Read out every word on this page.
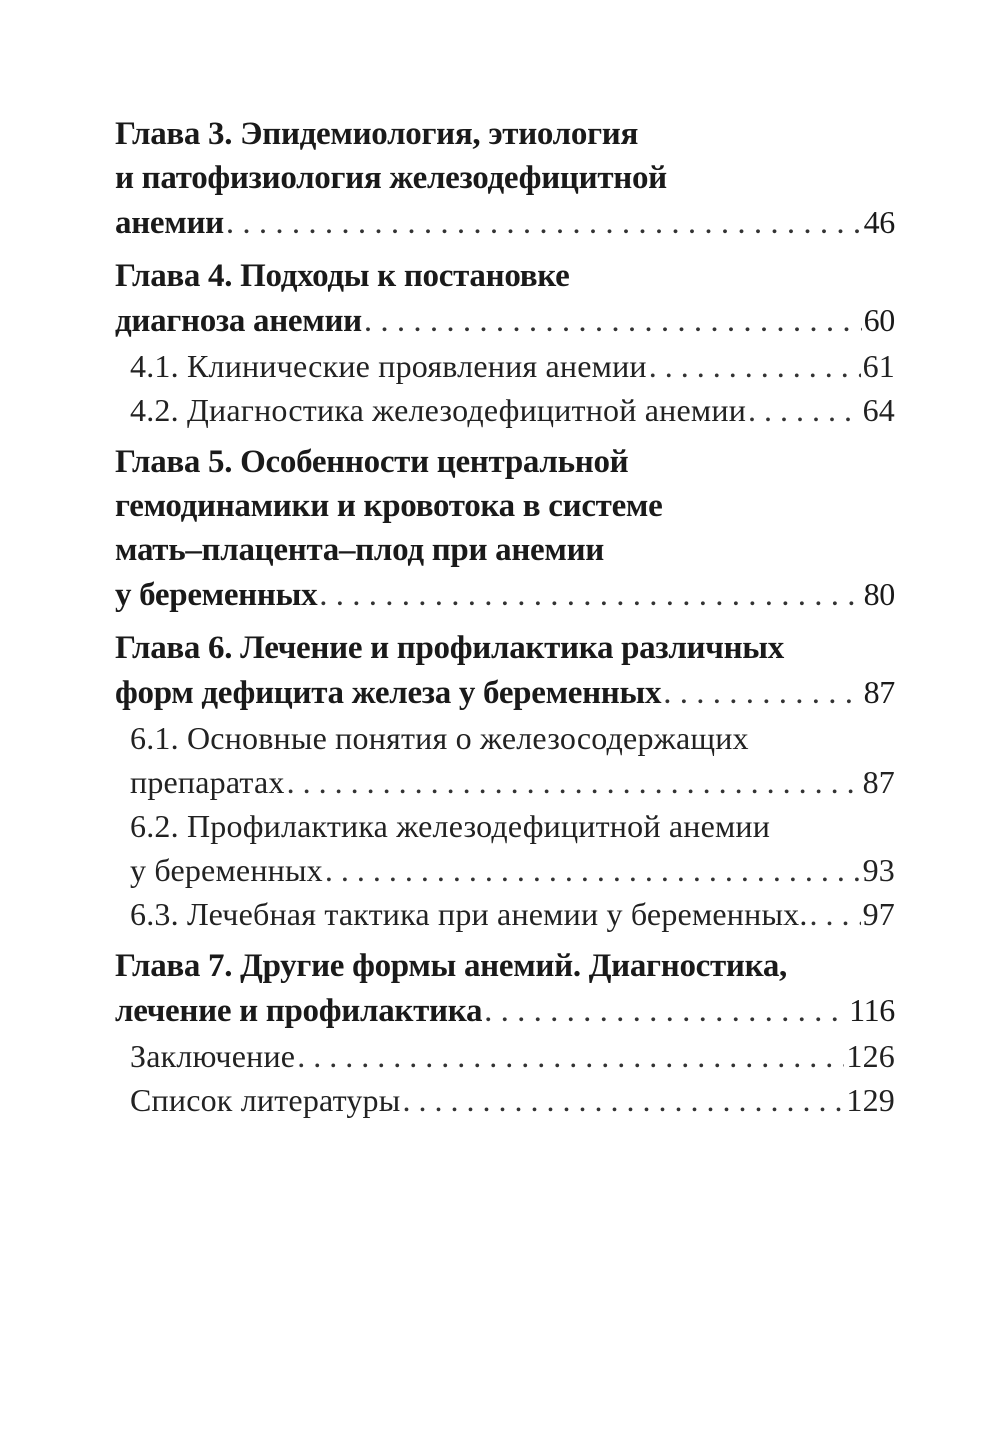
Глава 3. Эпидемиология, этиология
и патофизиология железодефицитной
анемии . . .	46
Глава 4. Подходы к постановке
диагноза анемии . . .	60
4.1. Клинические проявления анемии . . .	61
4.2. Диагностика железодефицитной анемии . . .	64
Глава 5. Особенности центральной
гемодинамики и кровотока в системе
мать–плацента–плод при анемии
у беременных . . .	80
Глава 6. Лечение и профилактика различных
форм дефицита железа у беременных . . .	87
6.1. Основные понятия о железосодержащих
препаратах . . .	87
6.2. Профилактика железодефицитной анемии
у беременных . . .	93
6.3. Лечебная тактика при анемии у беременных. . . . 97
Глава 7. Другие формы анемий. Диагностика,
лечение и профилактика . . .	116
Заключение . . .	126
Список литературы . . .	129
